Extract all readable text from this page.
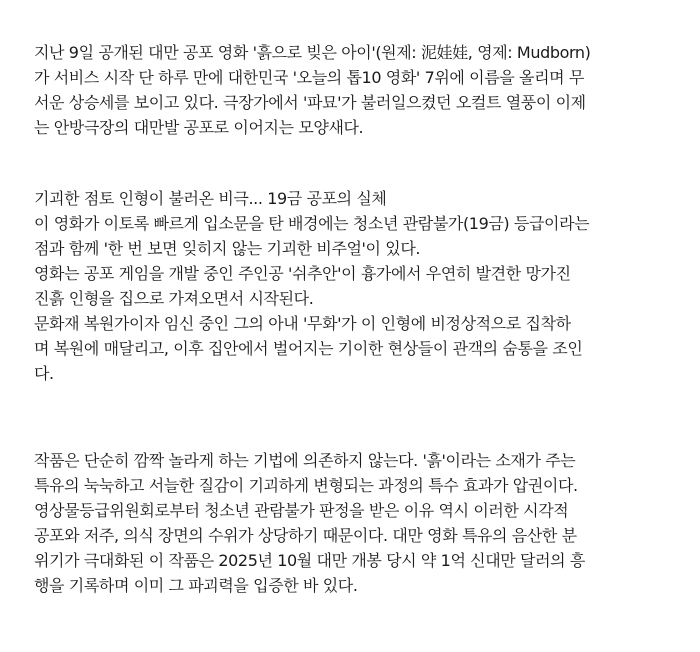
지난 9일 공개된 대만 공포 영화 '흙으로 빚은 아이'(원제: 泥娃娃, 영제: Mudborn)
가 서비스 시작 단 하루 만에 대한민국 '오늘의 톱10 영화' 7위에 이름을 올리며 무
서운 상승세를 보이고 있다. 극장가에서 '파묘'가 불러일으켰던 오컬트 열풍이 이제
는 안방극장의 대만발 공포로 이어지는 모양새다.
기괴한 점토 인형이 불러온 비극... 19금 공포의 실체
이 영화가 이토록 빠르게 입소문을 탄 배경에는 청소년 관람불가(19금) 등급이라는
점과 함께 '한 번 보면 잊히지 않는 기괴한 비주얼'이 있다.
영화는 공포 게임을 개발 중인 주인공 '쉬추안'이 흉가에서 우연히 발견한 망가진
진흙 인형을 집으로 가져오면서 시작된다.
문화재 복원가이자 임신 중인 그의 아내 '무화'가 이 인형에 비정상적으로 집착하
며 복원에 매달리고, 이후 집안에서 벌어지는 기이한 현상들이 관객의 숨통을 조인
다.
작품은 단순히 깜짝 놀라게 하는 기법에 의존하지 않는다. '흙'이라는 소재가 주는
특유의 눅눅하고 서늘한 질감이 기괴하게 변형되는 과정의 특수 효과가 압권이다.
영상물등급위원회로부터 청소년 관람불가 판정을 받은 이유 역시 이러한 시각적
공포와 저주, 의식 장면의 수위가 상당하기 때문이다. 대만 영화 특유의 음산한 분
위기가 극대화된 이 작품은 2025년 10월 대만 개봉 당시 약 1억 신대만 달러의 흥
행을 기록하며 이미 그 파괴력을 입증한 바 있다.
